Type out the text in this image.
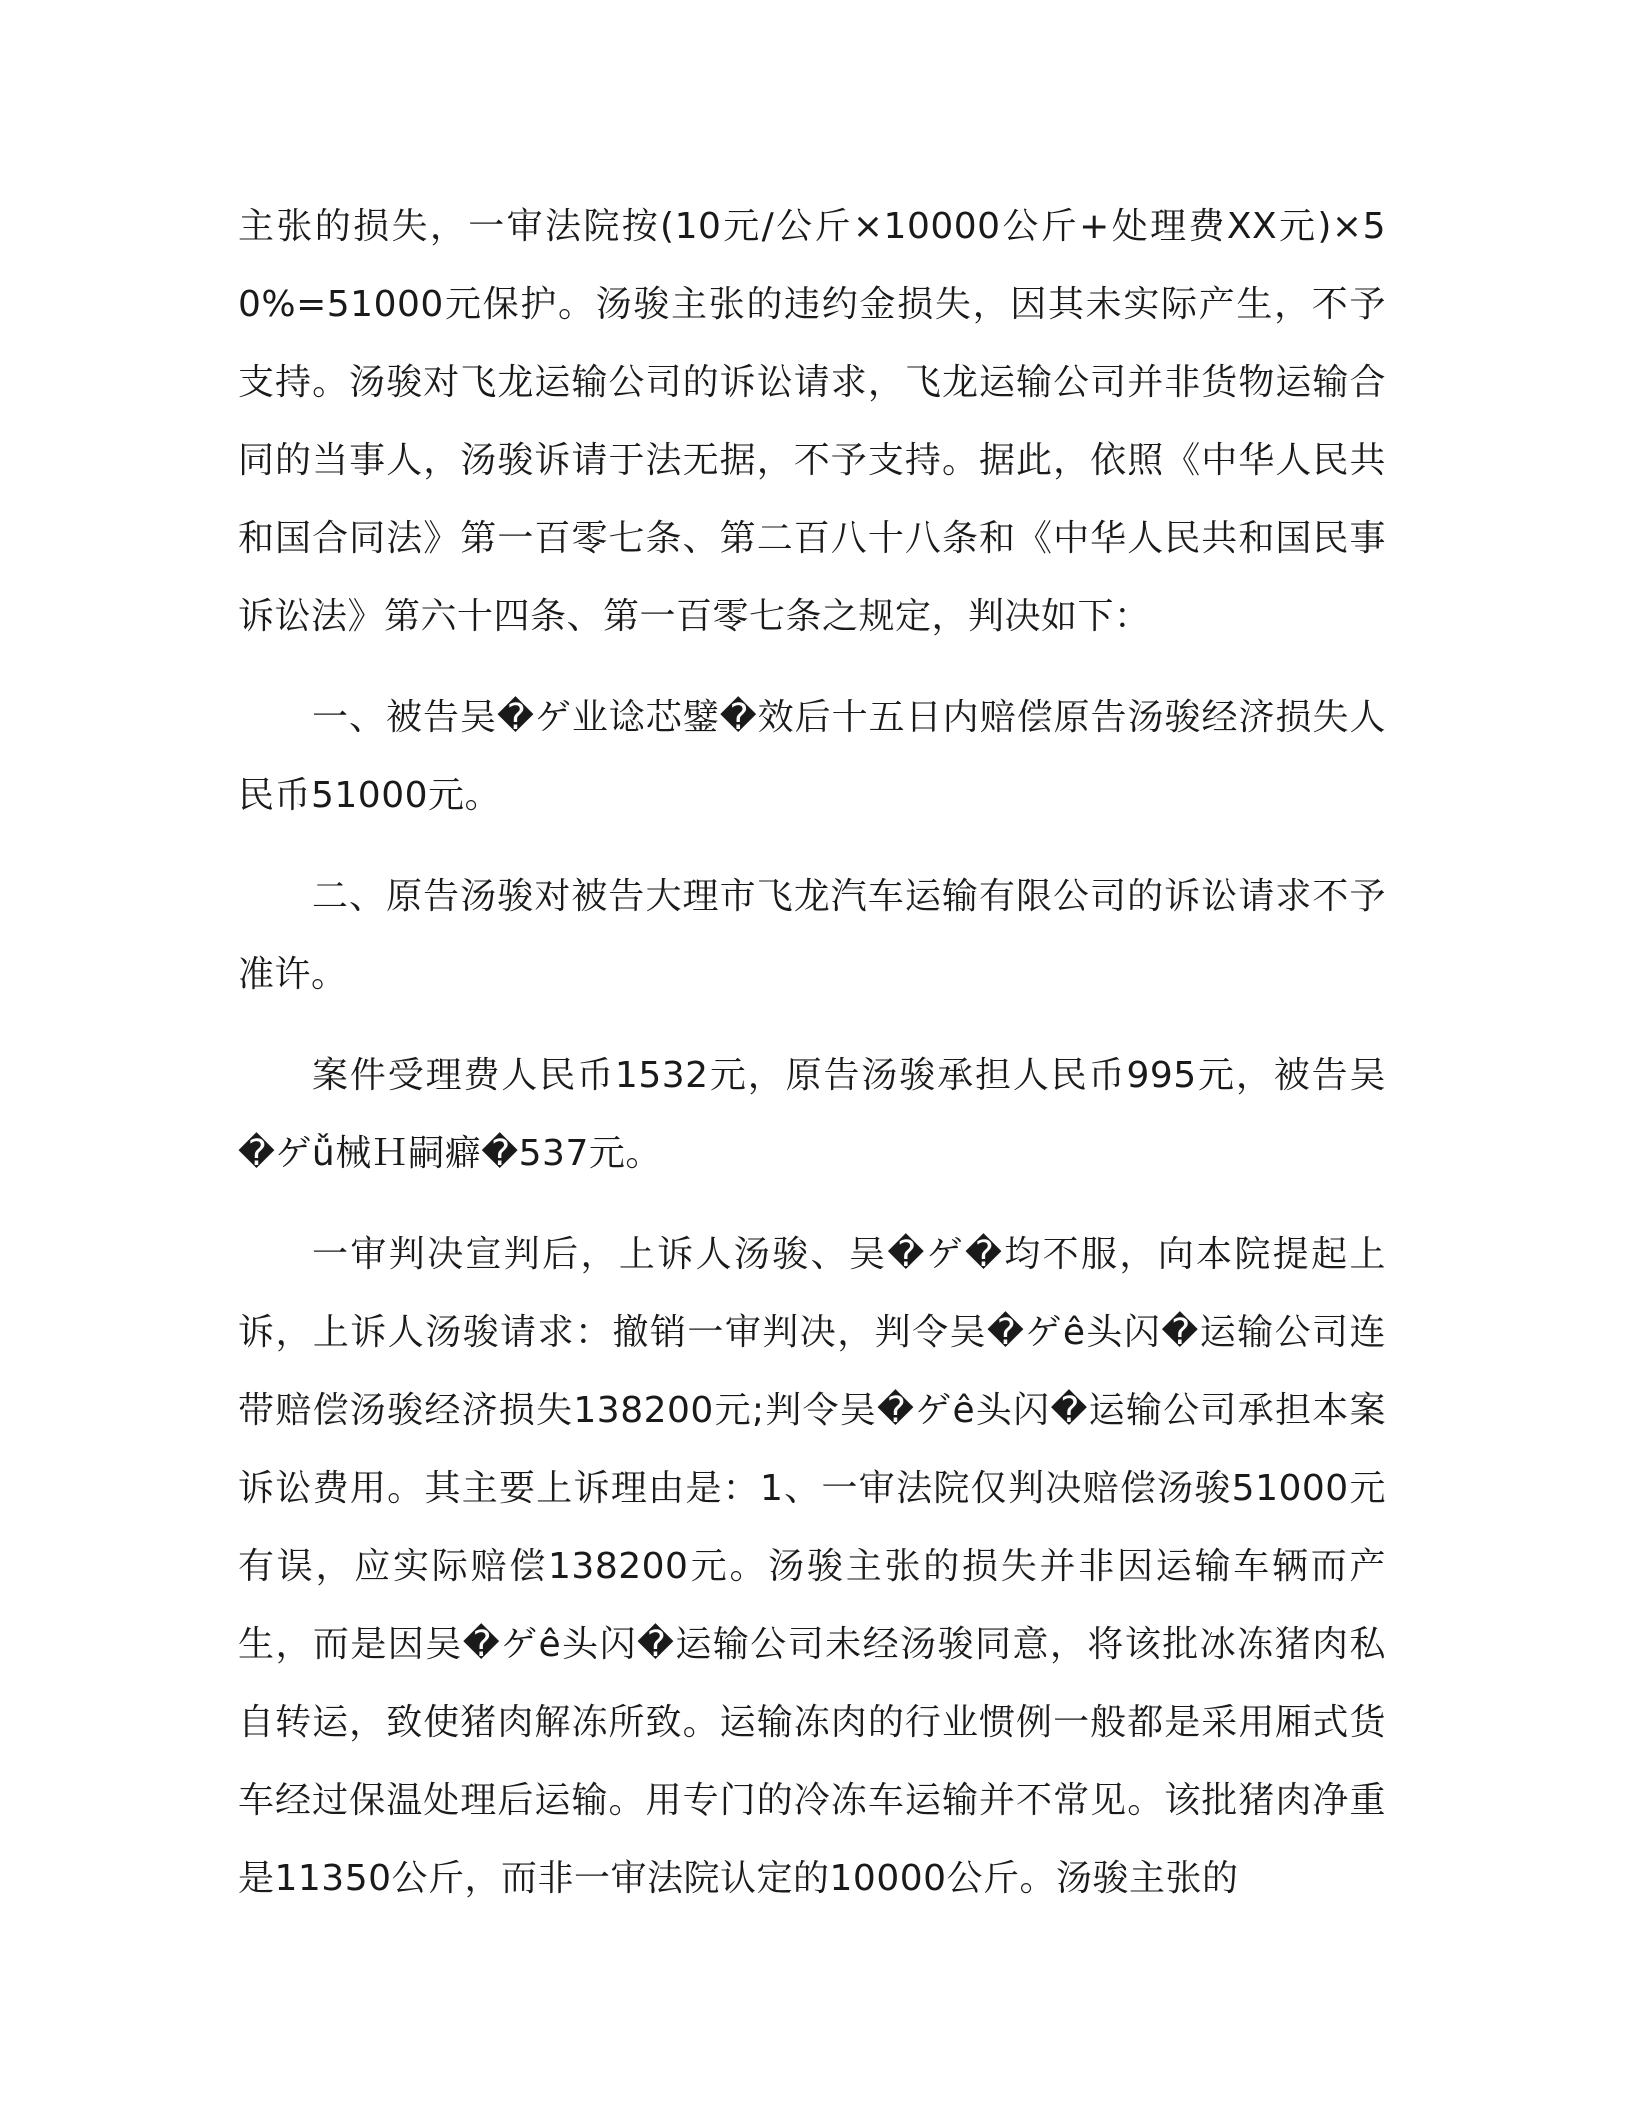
主张的损失，一审法院按(10元/公斤×10000公斤+处理费XX元)×50%=51000元保护。汤骏主张的违约金损失，因其未实际产生，不予支持。汤骏对飞龙运输公司的诉讼请求，飞龙运输公司并非货物运输合同的当事人，汤骏诉请于法无据，不予支持。据此，依照《中华人民共和国合同法》第一百零七条、第二百八十八条和《中华人民共和国民事诉讼法》第六十四条、第一百零七条之规定，判决如下：

一、被告吴�ゲ业谂芯鐾�效后十五日内赔偿原告汤骏经济损失人民币51000元。

二、原告汤骏对被告大理市飞龙汽车运输有限公司的诉讼请求不予准许。

案件受理费人民币1532元，原告汤骏承担人民币995元，被告吴�ゲǚ械Ｈ嗣癖�537元。

一审判决宣判后，上诉人汤骏、吴�ゲ�均不服，向本院提起上诉，上诉人汤骏请求：撤销一审判决，判令吴�ゲê头闪�运输公司连带赔偿汤骏经济损失138200元;判令吴�ゲê头闪�运输公司承担本案诉讼费用。其主要上诉理由是：1、一审法院仅判决赔偿汤骏51000元有误，应实际赔偿138200元。汤骏主张的损失并非因运输车辆而产生，而是因吴�ゲê头闪�运输公司未经汤骏同意，将该批冰冻猪肉私自转运，致使猪肉解冻所致。运输冻肉的行业惯例一般都是采用厢式货车经过保温处理后运输。用专门的冷冻车运输并不常见。该批猪肉净重是11350公斤，而非一审法院认定的10000公斤。汤骏主张的
